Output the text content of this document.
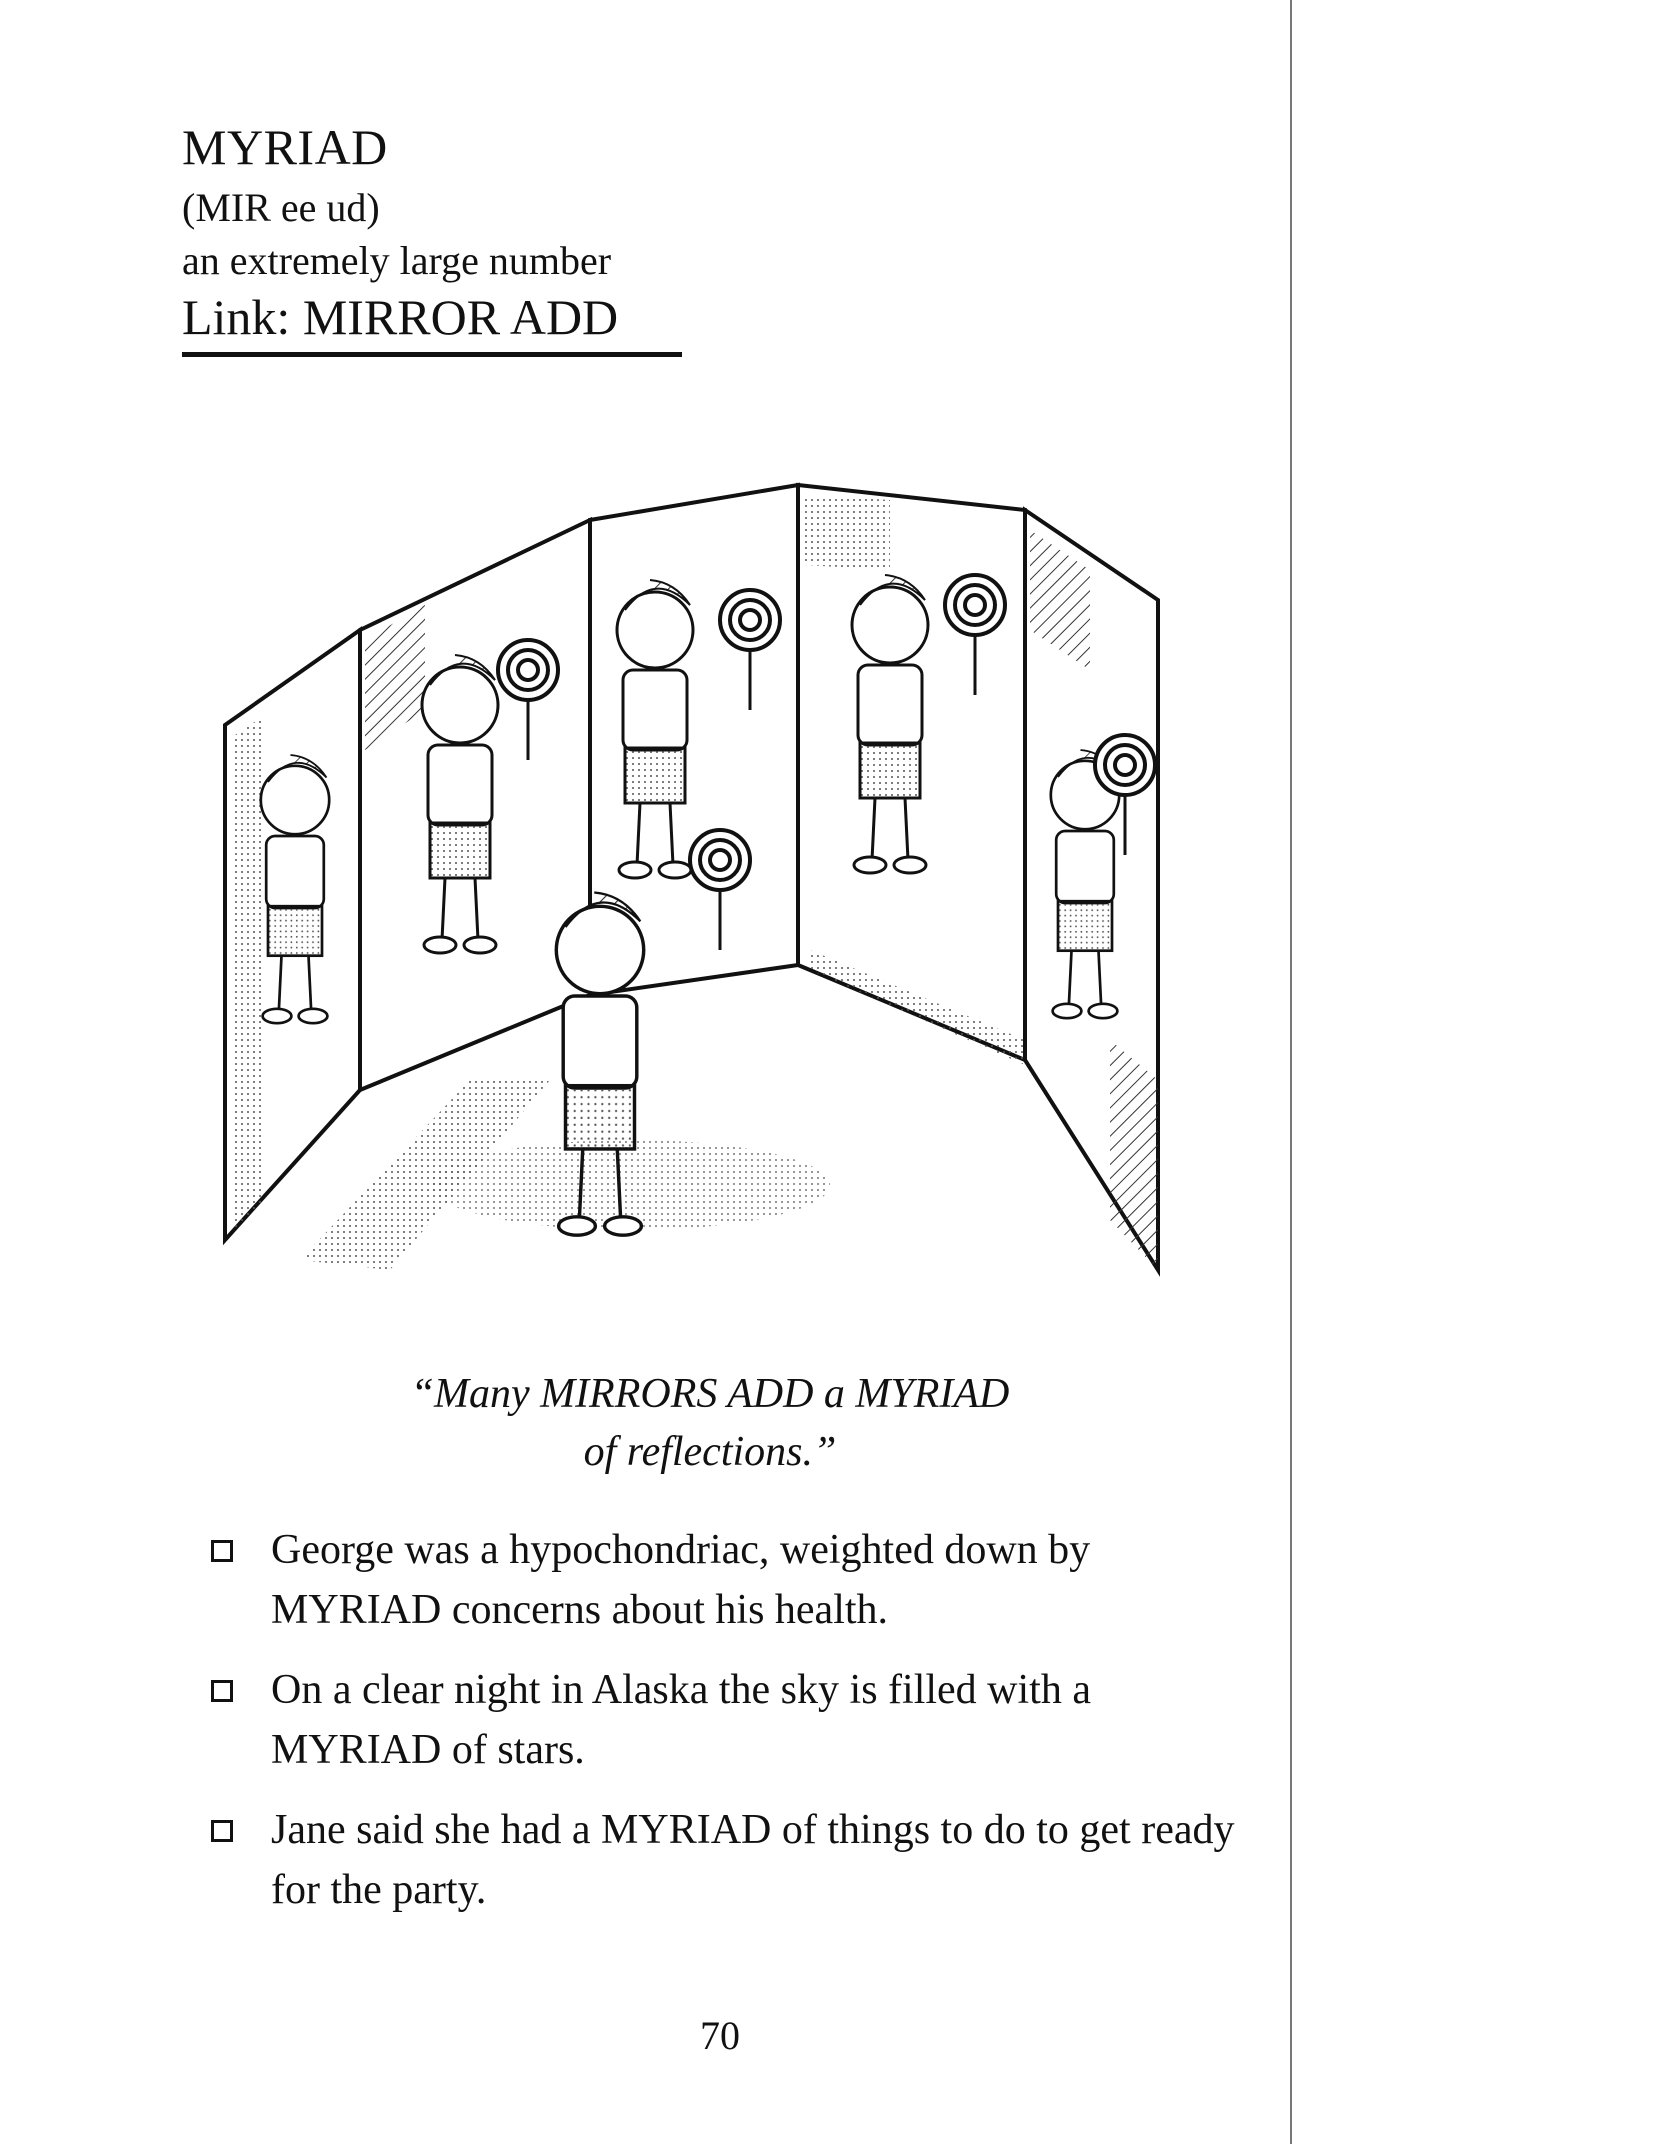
MYRIAD
(MIR ee ud)
an extremely large number
Link: MIRROR ADD
“Many MIRRORS ADD a MYRIAD
of reflections.”
George was a hypochondriac, weighted down by MYRIAD concerns about his health.
On a clear night in Alaska the sky is filled with a MYRIAD of stars.
Jane said she had a MYRIAD of things to do to get ready for the party.
70
